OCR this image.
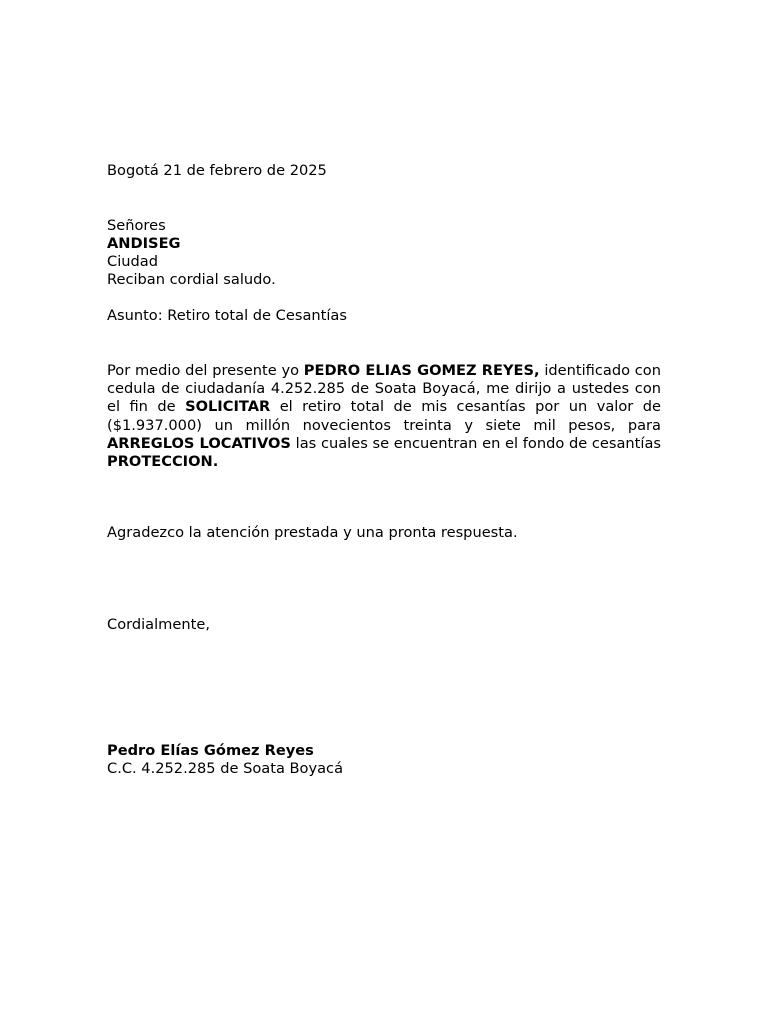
Bogotá 21 de febrero de 2025
Señores
ANDISEG
Ciudad
Reciban cordial saludo.
Asunto: Retiro total de Cesantías
Por medio del presente yo PEDRO ELIAS GOMEZ REYES, identificado con cedula de ciudadanía 4.252.285 de Soata Boyacá, me dirijo a ustedes con el fin de SOLICITAR el retiro total de mis cesantías por un valor de ($1.937.000) un millón novecientos treinta y siete mil pesos, para ARREGLOS LOCATIVOS las cuales se encuentran en el fondo de cesantías PROTECCION.
Agradezco la atención prestada y una pronta respuesta.
Cordialmente,
Pedro Elías Gómez Reyes
C.C. 4.252.285 de Soata Boyacá
